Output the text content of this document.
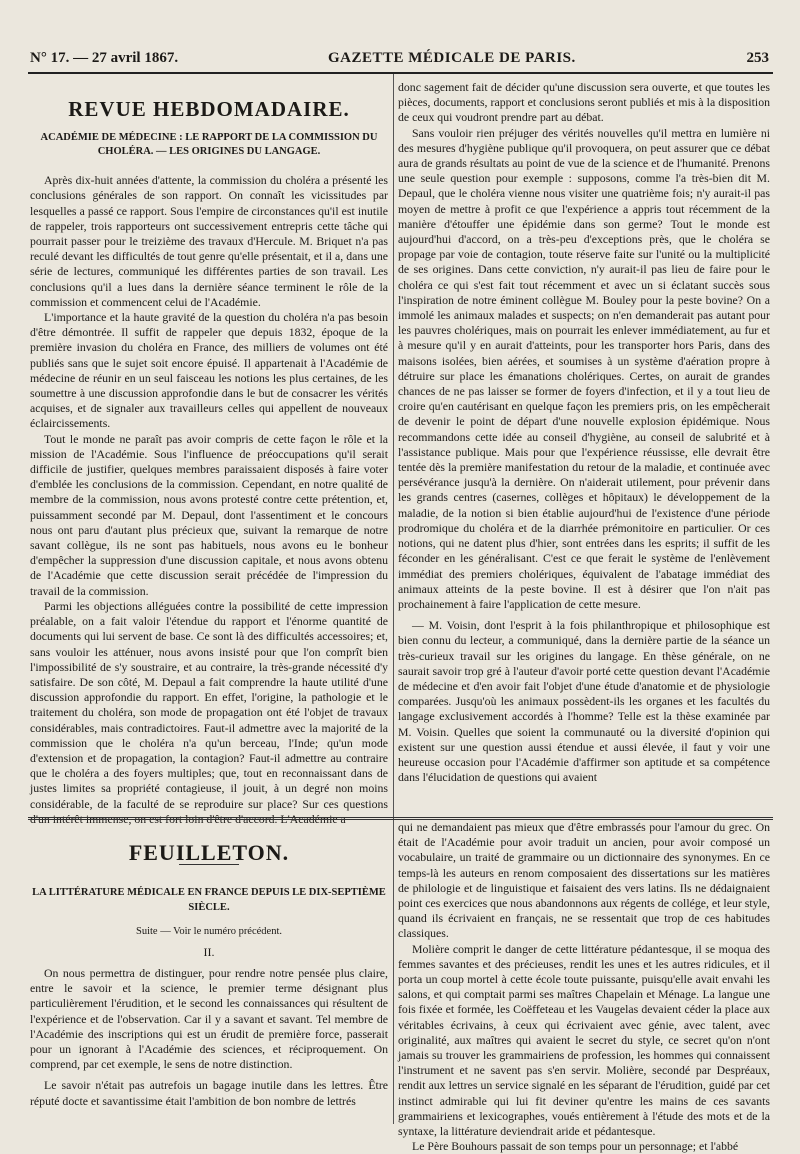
N° 17. — 27 avril 1867.	GAZETTE MÉDICALE DE PARIS.	253
REVUE HEBDOMADAIRE.
ACADÉMIE DE MÉDECINE : LE RAPPORT DE LA COMMISSION DU CHOLÉRA. — LES ORIGINES DU LANGAGE.

Après dix-huit années d'attente, la commission du choléra a présenté les conclusions générales de son rapport. On connaît les vicissitudes par lesquelles a passé ce rapport. Sous l'empire de circonstances qu'il est inutile de rappeler, trois rapporteurs ont successivement entrepris cette tâche qui pourrait passer pour le treizième des travaux d'Hercule. M. Briquet n'a pas reculé devant les difficultés de tout genre qu'elle présentait, et il a, dans une série de lectures, communiqué les différentes parties de son travail. Les conclusions qu'il a lues dans la dernière séance terminent le rôle de la commission et commencent celui de l'Académie.

L'importance et la haute gravité de la question du choléra n'a pas besoin d'être démontrée. Il suffit de rappeler que depuis 1832, époque de la première invasion du choléra en France, des milliers de volumes ont été publiés sans que le sujet soit encore épuisé. Il appartenait à l'Académie de médecine de réunir en un seul faisceau les notions les plus certaines, de les soumettre à une discussion approfondie dans le but de consacrer les vérités acquises, et de signaler aux travailleurs celles qui appellent de nouveaux éclaircissements.

Tout le monde ne paraît pas avoir compris de cette façon le rôle et la mission de l'Académie. Sous l'influence de préoccupations qu'il serait difficile de justifier, quelques membres paraissaient disposés à faire voter d'emblée les conclusions de la commission. Cependant, en notre qualité de membre de la commission, nous avons protesté contre cette prétention, et, puissamment secondé par M. Depaul, dont l'assentiment et le concours nous ont paru d'autant plus précieux que, suivant la remarque de notre savant collègue, ils ne sont pas habituels, nous avons eu le bonheur d'empêcher la suppression d'une discussion capitale, et nous avons obtenu de l'Académie que cette discussion serait précédée de l'impression du travail de la commission.

Parmi les objections alléguées contre la possibilité de cette impression préalable, on a fait valoir l'étendue du rapport et l'énorme quantité de documents qui lui servent de base. Ce sont là des difficultés accessoires; et, sans vouloir les atténuer, nous avons insisté pour que l'on comprît bien l'impossibilité de s'y soustraire, et au contraire, la très-grande nécessité d'y satisfaire. De son côté, M. Depaul a fait comprendre la haute utilité d'une discussion approfondie du rapport. En effet, l'origine, la pathologie et le traitement du choléra, son mode de propagation ont été l'objet de travaux considérables, mais contradictoires. Faut-il admettre avec la majorité de la commission que le choléra n'a qu'un berceau, l'Inde; qu'un mode d'extension et de propagation, la contagion? Faut-il admettre au contraire que le choléra a des foyers multiples; que, tout en reconnaissant dans de justes limites sa propriété contagieuse, il jouit, à un degré non moins considérable, de la faculté de se reproduire sur place? Sur ces questions d'un intérêt immense, on est fort loin d'être d'accord. L'Académie a

donc sagement fait de décider qu'une discussion sera ouverte, et que toutes les pièces, documents, rapport et conclusions seront publiés et mis à la disposition de ceux qui voudront prendre part au débat.

Sans vouloir rien préjuger des vérités nouvelles qu'il mettra en lumière ni des mesures d'hygiène publique qu'il provoquera, on peut assurer que ce débat aura de grands résultats au point de vue de la science et de l'humanité. Prenons une seule question pour exemple : supposons, comme l'a très-bien dit M. Depaul, que le choléra vienne nous visiter une quatrième fois; n'y aurait-il pas moyen de mettre à profit ce que l'expérience a appris tout récemment de la manière d'étouffer une épidémie dans son germe? Tout le monde est aujourd'hui d'accord, on a très-peu d'exceptions près, que le choléra se propage par voie de contagion, toute réserve faite sur l'unité ou la multiplicité de ses origines. Dans cette conviction, n'y aurait-il pas lieu de faire pour le choléra ce qui s'est fait tout récemment et avec un si éclatant succès sous l'inspiration de notre éminent collègue M. Bouley pour la peste bovine? On a immolé les animaux malades et suspects; on n'en demanderait pas autant pour les pauvres cholériques, mais on pourrait les enlever immédiatement, au fur et à mesure qu'il y en aurait d'atteints, pour les transporter hors Paris, dans des maisons isolées, bien aérées, et soumises à un système d'aération propre à détruire sur place les émanations cholériques. Certes, on aurait de grandes chances de ne pas laisser se former de foyers d'infection, et il y a tout lieu de croire qu'en cautérisant en quelque façon les premiers pris, on les empêcherait de devenir le point de départ d'une nouvelle explosion épidémique. Nous recommandons cette idée au conseil d'hygiène, au conseil de salubrité et à l'assistance publique. Mais pour que l'expérience réussisse, elle devrait être tentée dès la première manifestation du retour de la maladie, et continuée avec persévérance jusqu'à la dernière. On n'aiderait utilement, pour prévenir dans les grands centres (casernes, collèges et hôpitaux) le développement de la maladie, de la notion si bien établie aujourd'hui de l'existence d'une période prodromique du choléra et de la diarrhée prémonitoire en particulier. Or ces notions, qui ne datent plus d'hier, sont entrées dans les esprits; il suffit de les féconder en les généralisant. C'est ce que ferait le système de l'enlèvement immédiat des premiers cholériques, équivalent de l'abatage immédiat des animaux atteints de la peste bovine. Il est à désirer que l'on n'ait pas prochainement à faire l'application de cette mesure.

— M. Voisin, dont l'esprit à la fois philanthropique et philosophique est bien connu du lecteur, a communiqué, dans la dernière partie de la séance un très-curieux travail sur les origines du langage. En thèse générale, on ne saurait savoir trop gré à l'auteur d'avoir porté cette question devant l'Académie de médecine et d'en avoir fait l'objet d'une étude d'anatomie et de physiologie comparées. Jusqu'où les animaux possèdent-ils les organes et les facultés du langage exclusivement accordés à l'homme? Telle est la thèse examinée par M. Voisin. Quelles que soient la communauté ou la diversité d'opinion qui existent sur une question aussi étendue et aussi élevée, il faut y voir une heureuse occasion pour l'Académie d'affirmer son aptitude et sa compétence dans l'élucidation de questions qui avaient

FEUILLETON.
LA LITTÉRATURE MÉDICALE EN FRANCE DEPUIS LE DIX-SEPTIÈME SIÈCLE.
Suite — Voir le numéro précédent.
II.

On nous permettra de distinguer, pour rendre notre pensée plus claire, entre le savoir et la science, le premier terme désignant plus particulièrement l'érudition, et le second les connaissances qui résultent de l'expérience et de l'observation. Car il y a savant et savant. Tel membre de l'Académie des inscriptions qui est un érudit de première force, passerait pour un ignorant à l'Académie des sciences, et réciproquement. On comprend, par cet exemple, le sens de notre distinction.

Le savoir n'était pas autrefois un bagage inutile dans les lettres. Être réputé docte et savantissime était l'ambition de bon nombre de lettrés

qui ne demandaient pas mieux que d'être embrassés pour l'amour du grec. On était de l'Académie pour avoir traduit un ancien, pour avoir composé un vocabulaire, un traité de grammaire ou un dictionnaire des synonymes. En ce temps-là les auteurs en renom composaient des dissertations sur les matières de philologie et de linguistique et faisaient des vers latins. Ils ne dédaignaient point ces exercices que nous abandonnons aux régents de collége, et leur style, quand ils écrivaient en français, ne se ressentait que trop de ces habitudes classiques.

Molière comprit le danger de cette littérature pédantesque, il se moqua des femmes savantes et des précieuses, rendit les unes et les autres ridicules, et il porta un coup mortel à cette école toute puissante, puisqu'elle avait envahi les salons, et qui comptait parmi ses maîtres Chapelain et Ménage. La langue une fois fixée et formée, les Coëffeteau et les Vaugelas devaient céder la place aux véritables écrivains, à ceux qui écrivaient avec génie, avec talent, avec originalité, aux maîtres qui avaient le secret du style, ce secret qu'on n'ont jamais su trouver les grammairiens de profession, les hommes qui connaissent l'instrument et ne savent pas s'en servir. Molière, secondé par Despréaux, rendit aux lettres un service signalé en les séparant de l'érudition, guidé par cet instinct admirable qui lui fit deviner qu'entre les mains de ces savants grammairiens et lexicographes, voués entièrement à l'étude des mots et de la syntaxe, la littérature deviendrait aride et pédantesque.

Le Père Bouhours passait de son temps pour un personnage; et l'abbé
